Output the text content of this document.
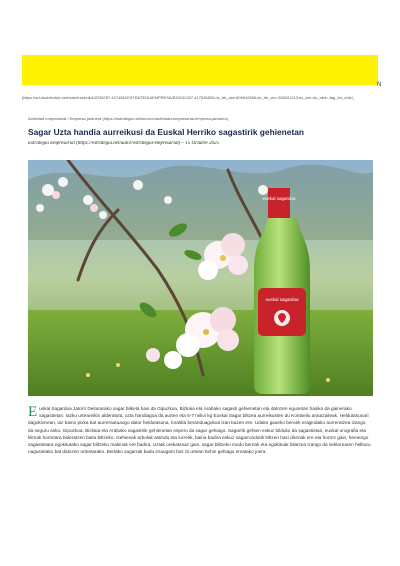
N
[https://ad.doubleclick.net/ddm/trackclk/N2238787.4274561ESTRATEGIAEMPRESA/B33242437.417536826;dc_trk_aid=609642665;dc_trk_cid=205831213;dc_lat=;dc_rdid=;tag_for_child_
Actividad empresarial / Empresa jarduera (https://estrategia.net/seccion/actividad-empresarial-empresa-jarduera)
Sagar Uzta handia aurreikusi da Euskal Herriko sagastirik gehienetan
Estrategia Empresarial (https://estrategia.net/autor/estrategia-empresarial) – 15 Octubre 2025
euskal sagardoa
euskal sagardoa
Euskal Sagardoa Jatorri Deiturarako sagar bilketa hasi da Gipuzkoa, Bizkaia eta Arabako sagasti gehienetan eta datozen egunetan hasiko da gainerako sagastietan. Iazko urteareikin alderatuta, uzta handiagoa da aurten eta 6-7 milioi kg Euskal Sagar biltzea aurreikusten du Kontseilu arautzaileak. Heldutasunari dagokionean, iaz baino pixka bat aurrerautuaogo dator heldutasuna, loraldia beranduagokoa izan bazen ere. Udako gaueko beroek eragindako aurreratzea izango da seguru asko. Gipuzkoa, Bizkaia eta Arabako sagastirik gehienetan espero da sagar gehiago. Sagarrik gehien eskuz bilduko da sagastietan, euskal orografia eta klimak horretara bideratzen baitu biltzeko. Gehienak arbolak astindu eta lurretik, baina badira eskuz sagarrondotik biltzen hasi direnak ere eta horrez gain, hemengo sagastietara egokitutako sagar biltzeko makinak ere badira. Uztak orekatzeaz gain, sagar biltzeko modu berriak eta egokituak bilatzea izango da sektorearen helburu nagusietako bat datozen urteetarako. Bertako sagarrak badu ezaugarri bat: bi urtean behin gehiago ematako joera.
